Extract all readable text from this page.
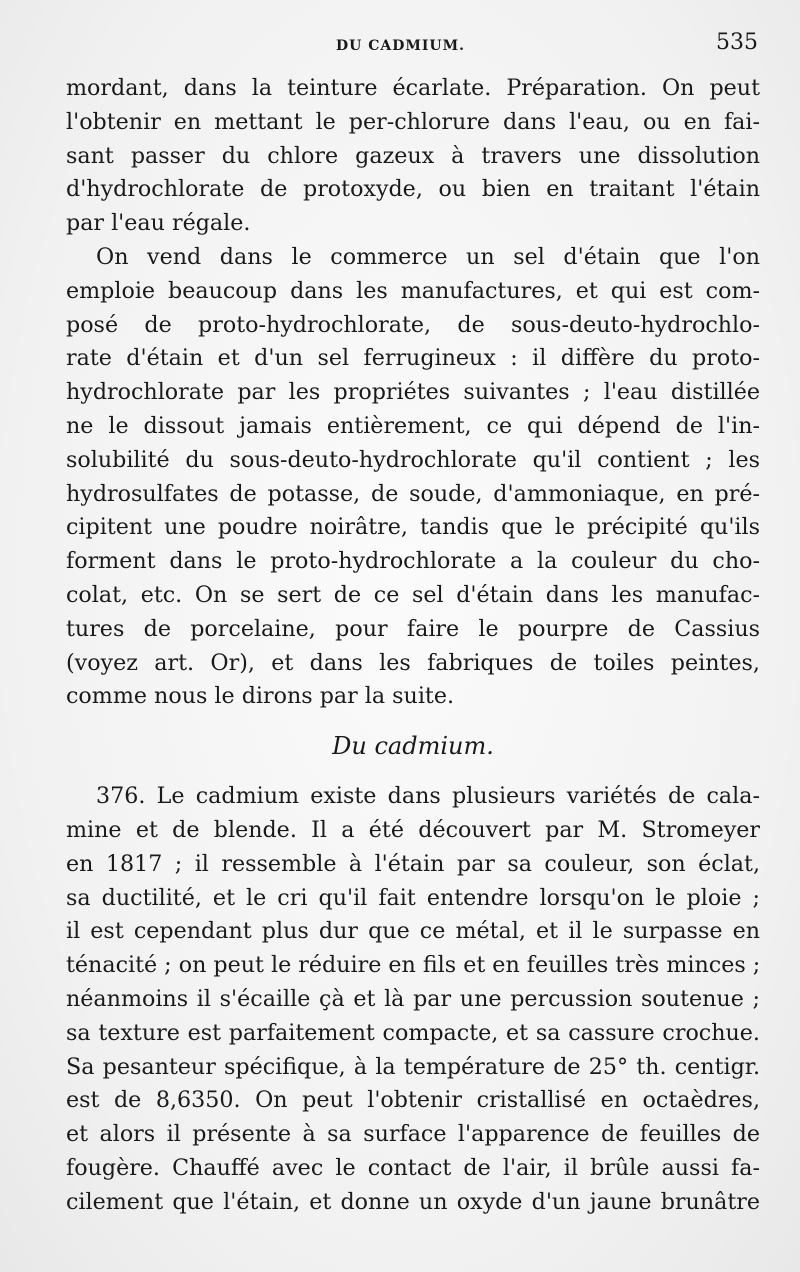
DU CADMIUM.	535
mordant, dans la teinture écarlate. Préparation. On peut
l'obtenir en mettant le per-chlorure dans l'eau, ou en fai-
sant passer du chlore gazeux à travers une dissolution
d'hydrochlorate de protoxyde, ou bien en traitant l'étain
par l'eau régale.
On vend dans le commerce un sel d'étain que l'on
emploie beaucoup dans les manufactures, et qui est com-
posé de proto-hydrochlorate, de sous-deuto-hydrochlo-
rate d'étain et d'un sel ferrugineux : il diffère du proto-
hydrochlorate par les propriétes suivantes ; l'eau distillée
ne le dissout jamais entièrement, ce qui dépend de l'in-
solubilité du sous-deuto-hydrochlorate qu'il contient ; les
hydrosulfates de potasse, de soude, d'ammoniaque, en pré-
cipitent une poudre noirâtre, tandis que le précipité qu'ils
forment dans le proto-hydrochlorate a la couleur du cho-
colat, etc. On se sert de ce sel d'étain dans les manufac-
tures de porcelaine, pour faire le pourpre de Cassius
(voyez art. Or), et dans les fabriques de toiles peintes,
comme nous le dirons par la suite.
Du cadmium.
376. Le cadmium existe dans plusieurs variétés de cala-
mine et de blende. Il a été découvert par M. Stromeyer
en 1817 ; il ressemble à l'étain par sa couleur, son éclat,
sa ductilité, et le cri qu'il fait entendre lorsqu'on le ploie ;
il est cependant plus dur que ce métal, et il le surpasse en
ténacité ; on peut le réduire en fils et en feuilles très minces ;
néanmoins il s'écaille çà et là par une percussion soutenue ;
sa texture est parfaitement compacte, et sa cassure crochue.
Sa pesanteur spécifique, à la température de 25° th. centigr.
est de 8,6350. On peut l'obtenir cristallisé en octaèdres,
et alors il présente à sa surface l'apparence de feuilles de
fougère. Chauffé avec le contact de l'air, il brûle aussi fa-
cilement que l'étain, et donne un oxyde d'un jaune brunâtre
